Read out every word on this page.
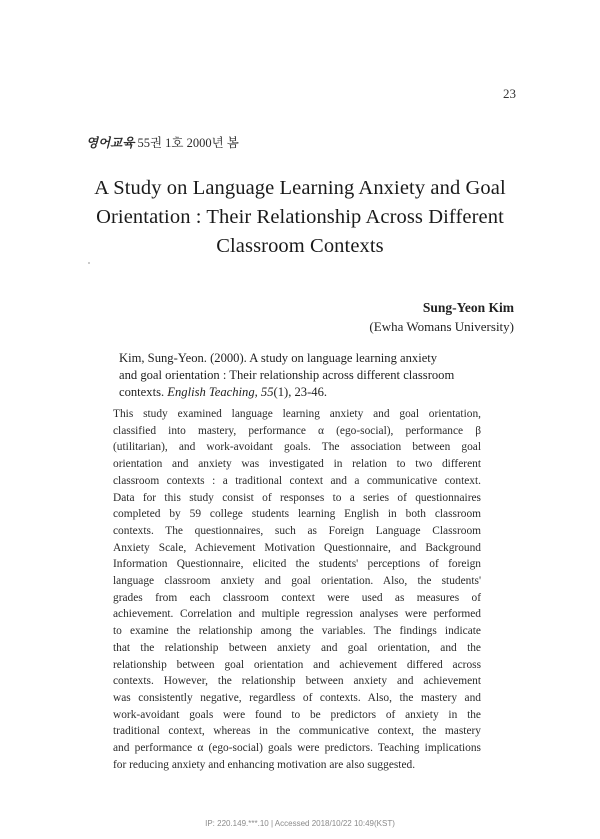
23
영어교육 55권 1호 2000년 봄
A Study on Language Learning Anxiety and Goal
Orientation : Their Relationship Across Different
Classroom Contexts
Sung-Yeon Kim
(Ewha Womans University)
Kim, Sung-Yeon. (2000). A study on language learning anxiety
and goal orientation : Their relationship across different classroom
contexts. English Teaching, 55(1), 23-46.
This study examined language learning anxiety and goal orientation,
classified into mastery, performance α (ego-social), performance β
(utilitarian), and work-avoidant goals. The association between goal
orientation and anxiety was investigated in relation to two different
classroom contexts : a traditional context and a communicative context.
Data for this study consist of responses to a series of questionnaires
completed by 59 college students learning English in both classroom
contexts. The questionnaires, such as Foreign Language Classroom
Anxiety Scale, Achievement Motivation Questionnaire, and Background
Information Questionnaire, elicited the students' perceptions of foreign
language classroom anxiety and goal orientation. Also, the students'
grades from each classroom context were used as measures of
achievement. Correlation and multiple regression analyses were performed
to examine the relationship among the variables. The findings indicate
that the relationship between anxiety and goal orientation, and the
relationship between goal orientation and achievement differed across
contexts. However, the relationship between anxiety and achievement
was consistently negative, regardless of contexts. Also, the mastery and
work-avoidant goals were found to be predictors of anxiety in the
traditional context, whereas in the communicative context, the mastery
and performance α (ego-social) goals were predictors. Teaching implications
for reducing anxiety and enhancing motivation are also suggested.
IP: 220.149.***.10 | Accessed 2018/10/22 10:49(KST)
